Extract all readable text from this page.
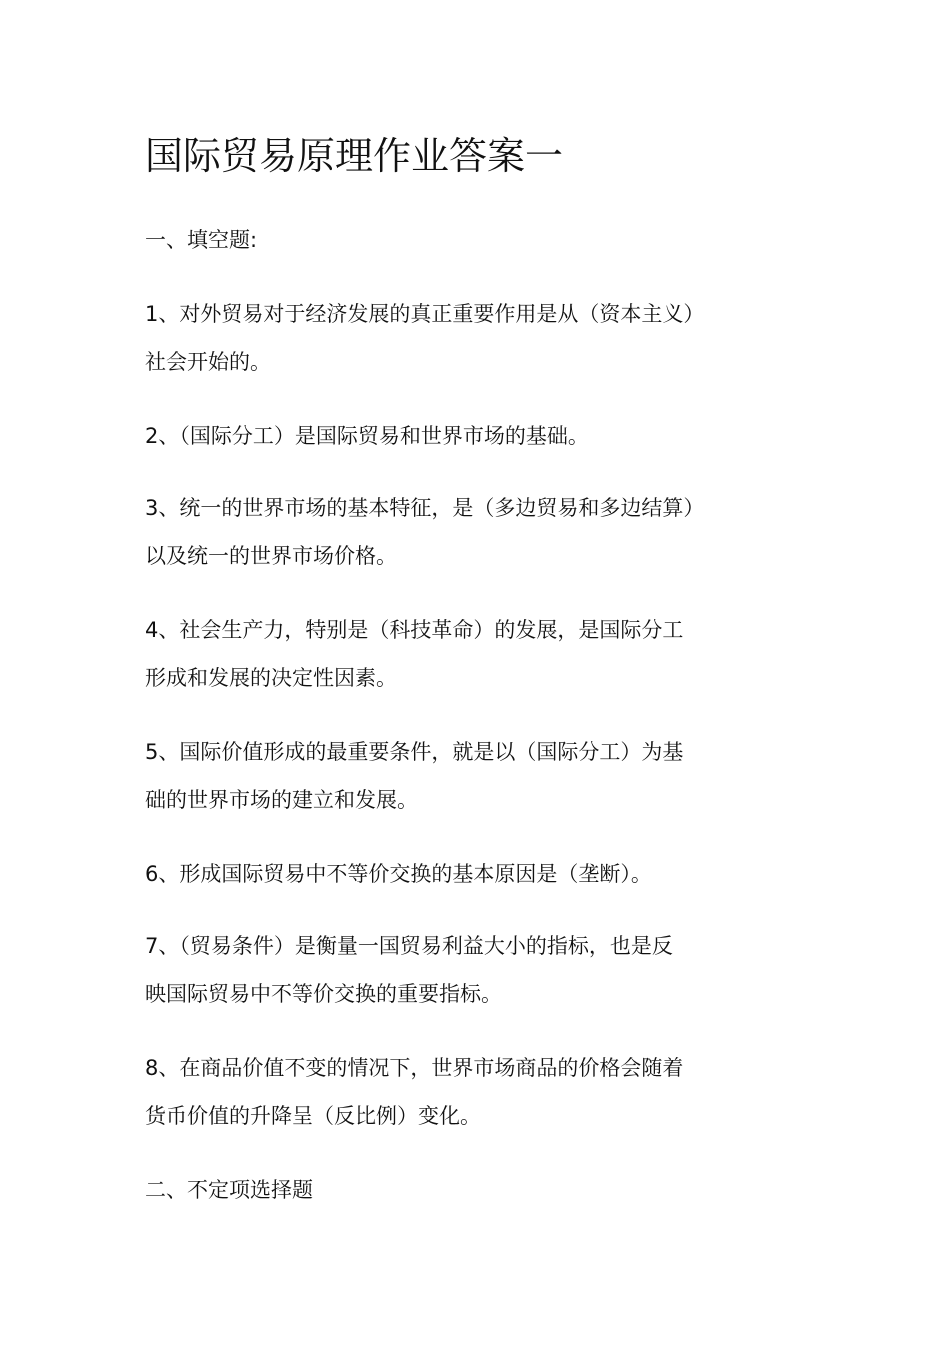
国际贸易原理作业答案一
一、填空题:
1、对外贸易对于经济发展的真正重要作用是从（资本主义）
社会开始的。
2、（国际分工）是国际贸易和世界市场的基础。
3、统一的世界市场的基本特征，是（多边贸易和多边结算）
以及统一的世界市场价格。
4、社会生产力，特别是（科技革命）的发展，是国际分工
形成和发展的决定性因素。
5、国际价值形成的最重要条件，就是以（国际分工）为基
础的世界市场的建立和发展。
6、形成国际贸易中不等价交换的基本原因是（垄断）。
7、（贸易条件）是衡量一国贸易利益大小的指标，也是反
映国际贸易中不等价交换的重要指标。
8、在商品价值不变的情况下，世界市场商品的价格会随着
货币价值的升降呈（反比例）变化。
二、不定项选择题
